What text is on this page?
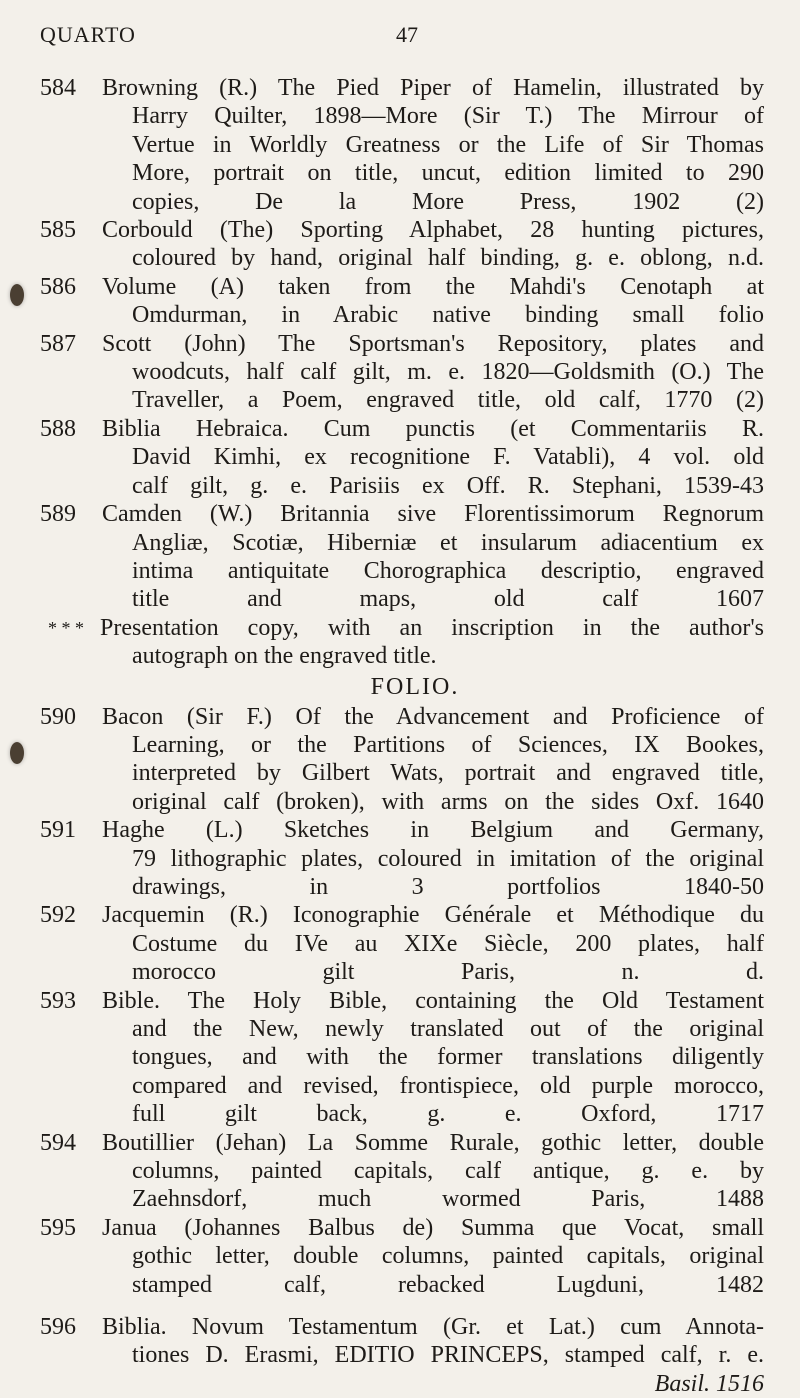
QUARTO	47
584 Browning (R.) The Pied Piper of Hamelin, illustrated by
Harry Quilter, 1898—More (Sir T.) The Mirrour of
Vertue in Worldly Greatness or the Life of Sir Thomas
More, portrait on title, uncut, edition limited to 290
copies, De la More Press, 1902 (2)
585 Corbould (The) Sporting Alphabet, 28 hunting pictures,
coloured by hand, original half binding, g. e. oblong, n.d.
586 Volume (A) taken from the Mahdi's Cenotaph at
Omdurman, in Arabic native binding small folio
587 Scott (John) The Sportsman's Repository, plates and
woodcuts, half calf gilt, m. e. 1820—Goldsmith (O.) The
Traveller, a Poem, engraved title, old calf, 1770 (2)
588 Biblia Hebraica. Cum punctis (et Commentariis R.
David Kimhi, ex recognitione F. Vatabli), 4 vol. old
calf gilt, g. e. Parisiis ex Off. R. Stephani, 1539-43
589 Camden (W.) Britannia sive Florentissimorum Regnorum
Angliæ, Scotiæ, Hiberniæ et insularum adiacentium ex
intima antiquitate Chorographica descriptio, engraved
title and maps, old calf 1607
* * * Presentation copy, with an inscription in the author's
autograph on the engraved title.
FOLIO.
590 Bacon (Sir F.) Of the Advancement and Proficience of
Learning, or the Partitions of Sciences, IX Bookes,
interpreted by Gilbert Wats, portrait and engraved title,
original calf (broken), with arms on the sides Oxf. 1640
591 Haghe (L.) Sketches in Belgium and Germany,
79 lithographic plates, coloured in imitation of the original
drawings, in 3 portfolios 1840-50
592 Jacquemin (R.) Iconographie Générale et Méthodique du
Costume du IVe au XIXe Siècle, 200 plates, half
morocco gilt Paris, n. d.
593 Bible. The Holy Bible, containing the Old Testament
and the New, newly translated out of the original
tongues, and with the former translations diligently
compared and revised, frontispiece, old purple morocco,
full gilt back, g. e. Oxford, 1717
594 Boutillier (Jehan) La Somme Rurale, gothic letter, double
columns, painted capitals, calf antique, g. e. by
Zaehnsdorf, much wormed Paris, 1488
595 Janua (Johannes Balbus de) Summa que Vocat, small
gothic letter, double columns, painted capitals, original
stamped calf, rebacked Lugduni, 1482
596 Biblia. Novum Testamentum (Gr. et Lat.) cum Annota-
tiones D. Erasmi, EDITIO PRINCEPS, stamped calf, r. e.
Basil. 1516
